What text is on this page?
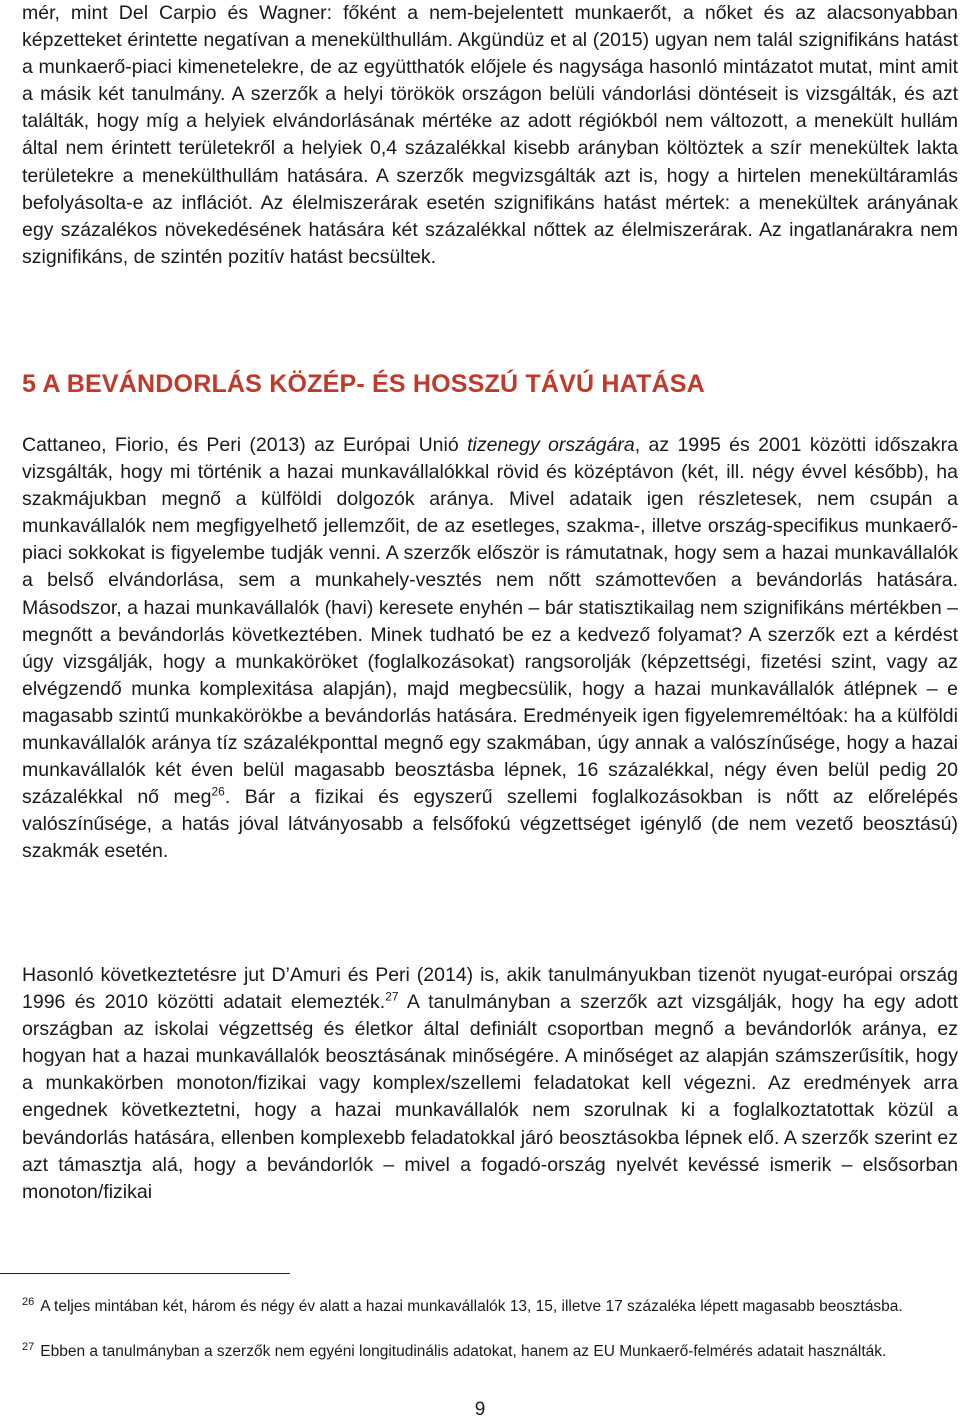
mér, mint Del Carpio és Wagner: főként a nem-bejelentett munkaerőt, a nőket és az alacsonyabban képzetteket érintette negatívan a menekülthullám. Akgündüz et al (2015) ugyan nem talál szignifikáns hatást a munkaerő-piaci kimenetelekre, de az együtthatók előjele és nagysága hasonló mintázatot mutat, mint amit a másik két tanulmány. A szerzők a helyi törökök országon belüli vándorlási döntéseit is vizsgálták, és azt találták, hogy míg a helyiek elvándorlásának mértéke az adott régiókból nem változott, a menekült hullám által nem érintett területekről a helyiek 0,4 százalékkal kisebb arányban költöztek a szír menekültek lakta területekre a menekülthullám hatására. A szerzők megvizsgálták azt is, hogy a hirtelen menekültáramlás befolyásolta-e az inflációt. Az élelmiszerárak esetén szignifikáns hatást mértek: a menekültek arányának egy százalékos növekedésének hatására két százalékkal nőttek az élelmiszerárak. Az ingatlanárakra nem szignifikáns, de szintén pozitív hatást becsültek.

5 A BEVÁNDORLÁS KÖZÉP- ÉS HOSSZÚ TÁVÚ HATÁSA

Cattaneo, Fiorio, és Peri (2013) az Európai Unió tizenegy országára, az 1995 és 2001 közötti időszakra vizsgálták, hogy mi történik a hazai munkavállalókkal rövid és középtávon (két, ill. négy évvel később), ha szakmájukban megnő a külföldi dolgozók aránya. Mivel adataik igen részletesek, nem csupán a munkavállalók nem megfigyelhető jellemzőit, de az esetleges, szakma-, illetve ország-specifikus munkaerő-piaci sokkokat is figyelembe tudják venni. A szerzők először is rámutatnak, hogy sem a hazai munkavállalók a belső elvándorlása, sem a munkahely-vesztés nem nőtt számottevően a bevándorlás hatására. Másodszor, a hazai munkavállalók (havi) keresete enyhén – bár statisztikailag nem szignifikáns mértékben – megnőtt a bevándorlás következtében. Minek tudható be ez a kedvező folyamat? A szerzők ezt a kérdést úgy vizsgálják, hogy a munkaköröket (foglalkozásokat) rangsorolják (képzettségi, fizetési szint, vagy az elvégzendő munka komplexitása alapján), majd megbecsülik, hogy a hazai munkavállalók átlépnek – e magasabb szintű munkakörökbe a bevándorlás hatására. Eredményeik igen figyelemreméltóak: ha a külföldi munkavállalók aránya tíz százalékponttal megnő egy szakmában, úgy annak a valószínűsége, hogy a hazai munkavállalók két éven belül magasabb beosztásba lépnek, 16 százalékkal, négy éven belül pedig 20 százalékkal nő meg$^{26}$. Bár a fizikai és egyszerű szellemi foglalkozásokban is nőtt az előrelépés valószínűsége, a hatás jóval látványosabb a felsőfokú végzettséget igénylő (de nem vezető beosztású) szakmák esetén.

Hasonló következtetésre jut D’Amuri és Peri (2014) is, akik tanulmányukban tizenöt nyugat-európai ország 1996 és 2010 közötti adatait elemezték.$^{27}$ A tanulmányban a szerzők azt vizsgálják, hogy ha egy adott országban az iskolai végzettség és életkor által definiált csoportban megnő a bevándorlók aránya, ez hogyan hat a hazai munkavállalók beosztásának minőségére. A minőséget az alapján számszerűsítik, hogy a munkakörben monoton/fizikai vagy komplex/szellemi feladatokat kell végezni. Az eredmények arra engednek következtetni, hogy a hazai munkavállalók nem szorulnak ki a foglalkoztatottak közül a bevándorlás hatására, ellenben komplexebb feladatokkal járó beosztásokba lépnek elő. A szerzők szerint ez azt támasztja alá, hogy a bevándorlók – mivel a fogadó-ország nyelvét kevéssé ismerik – elsősorban monoton/fizikai

$^{26}$ A teljes mintában két, három és négy év alatt a hazai munkavállalók 13, 15, illetve 17 százaléka lépett magasabb beosztásba.

$^{27}$ Ebben a tanulmányban a szerzők nem egyéni longitudinális adatokat, hanem az EU Munkaerő-felmérés adatait használták.

9
